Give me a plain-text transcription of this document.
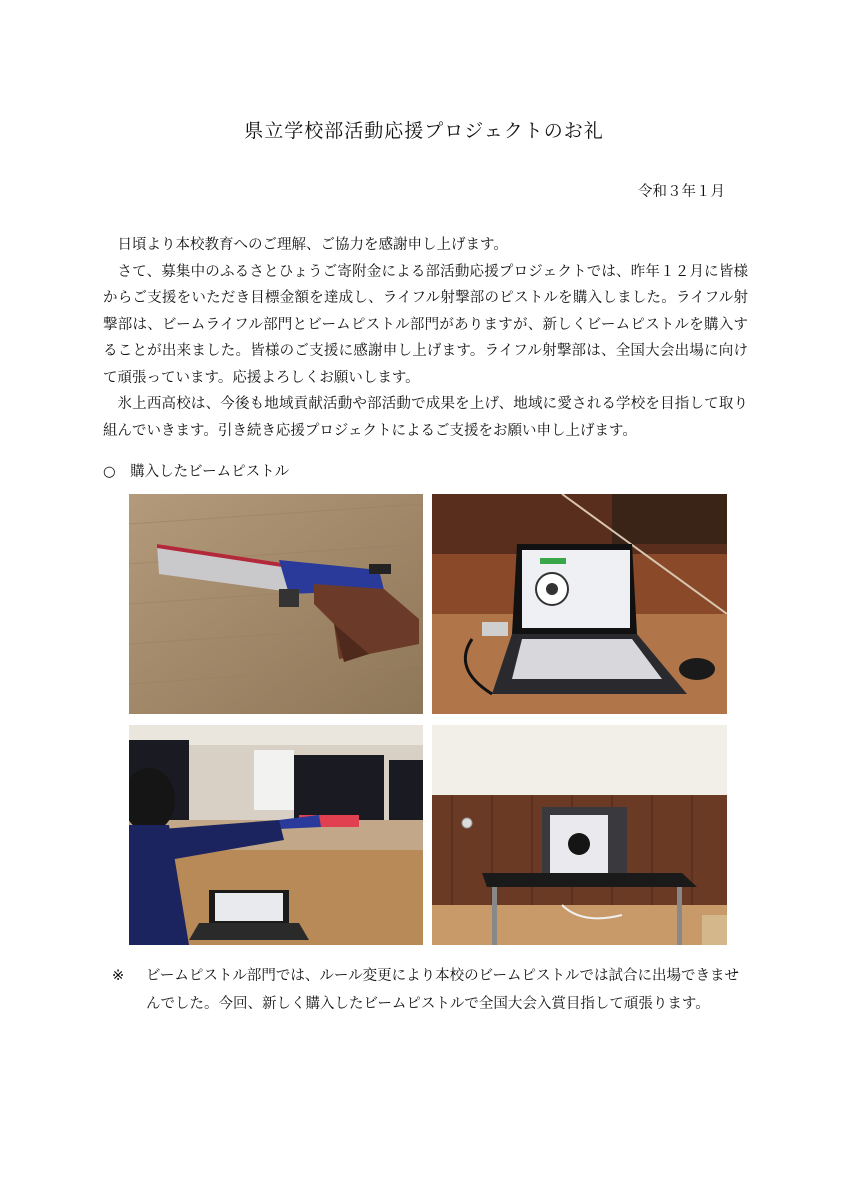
県立学校部活動応援プロジェクトのお礼
令和３年１月

日頃より本校教育へのご理解、ご協力を感謝申し上げます。

さて、募集中のふるさとひょうご寄附金による部活動応援プロジェクトでは、昨年１２月に皆様からご支援をいただき目標金額を達成し、ライフル射撃部のピストルを購入しました。ライフル射撃部は、ビームライフル部門とビームピストル部門がありますが、新しくビームピストルを購入することが出来ました。皆様のご支援に感謝申し上げます。ライフル射撃部は、全国大会出場に向けて頑張っています。応援よろしくお願いします。

氷上西高校は、今後も地域貢献活動や部活動で成果を上げ、地域に愛される学校を目指して取り組んでいきます。引き続き応援プロジェクトによるご支援をお願い申し上げます。

○　購入したビームピストル
※ ビームピストル部門では、ルール変更により本校のビームピストルでは試合に出場できませんでした。今回、新しく購入したビームピストルで全国大会入賞目指して頑張ります。
